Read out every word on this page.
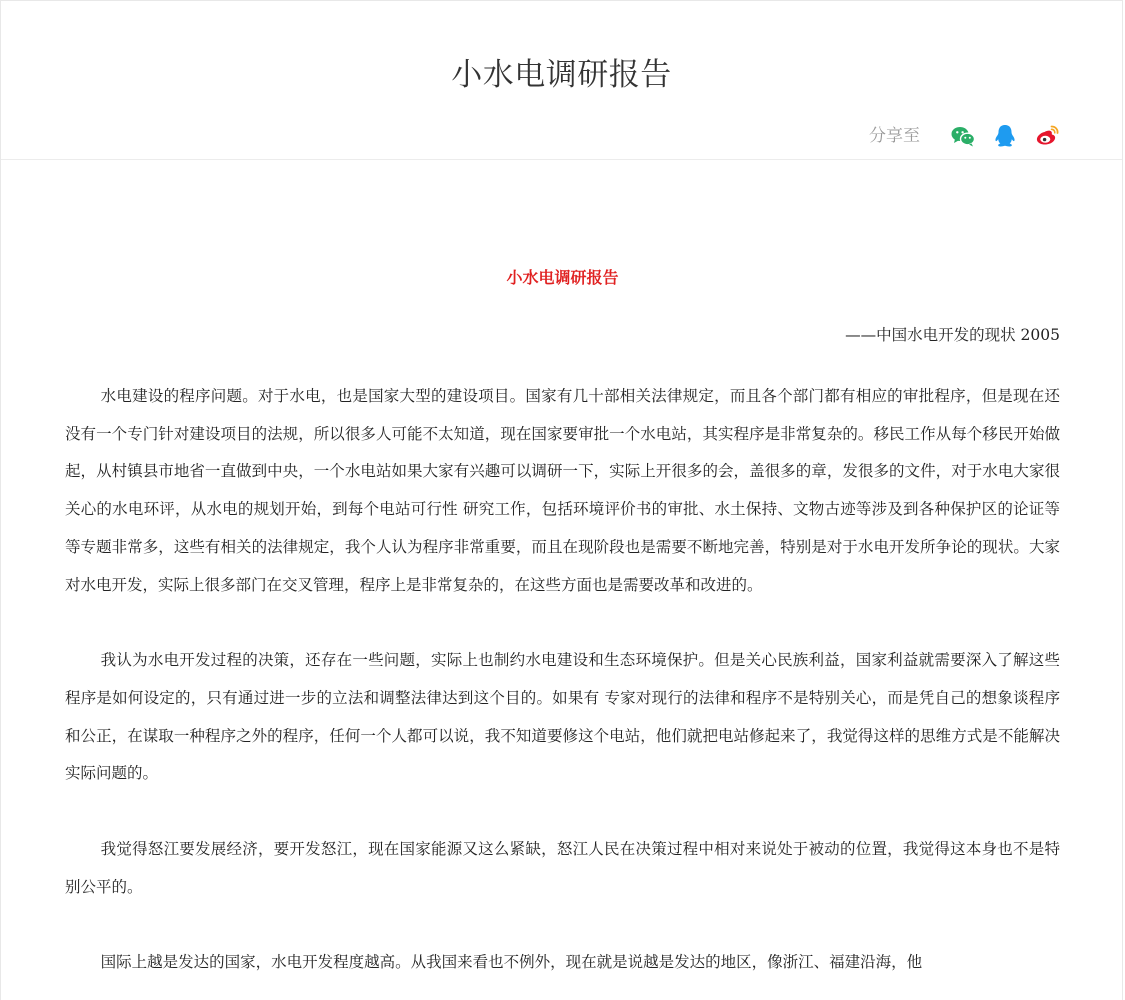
小水电调研报告
分享至
小水电调研报告
——中国水电开发的现状 2005

水电建设的程序问题。对于水电，也是国家大型的建设项目。国家有几十部相关法律规定，而且各个部门都有相应的审批程序，但是现在还没有一个专门针对建设项目的法规，所以很多人可能不太知道，现在国家要审批一个水电站，其实程序是非常复杂的。移民工作从每个移民开始做起，从村镇县市地省一直做到中央，一个水电站如果大家有兴趣可以调研一下，实际上开很多的会，盖很多的章，发很多的文件，对于水电大家很关心的水电环评，从水电的规划开始，到每个电站可行性 研究工作，包括环境评价书的审批、水土保持、文物古迹等涉及到各种保护区的论证等等专题非常多，这些有相关的法律规定，我个人认为程序非常重要，而且在现阶段也是需要不断地完善，特别是对于水电开发所争论的现状。大家对水电开发，实际上很多部门在交叉管理，程序上是非常复杂的，在这些方面也是需要改革和改进的。

我认为水电开发过程的决策，还存在一些问题，实际上也制约水电建设和生态环境保护。但是关心民族利益，国家利益就需要深入了解这些程序是如何设定的，只有通过进一步的立法和调整法律达到这个目的。如果有 专家对现行的法律和程序不是特别关心，而是凭自己的想象谈程序和公正，在谋取一种程序之外的程序，任何一个人都可以说，我不知道要修这个电站，他们就把电站修起来了，我觉得这样的思维方式是不能解决实际问题的。

我觉得怒江要发展经济，要开发怒江，现在国家能源又这么紧缺，怒江人民在决策过程中相对来说处于被动的位置，我觉得这本身也不是特别公平的。

国际上越是发达的国家，水电开发程度越高。从我国来看也不例外，现在就是说越是发达的地区，像浙江、福建沿海，他
